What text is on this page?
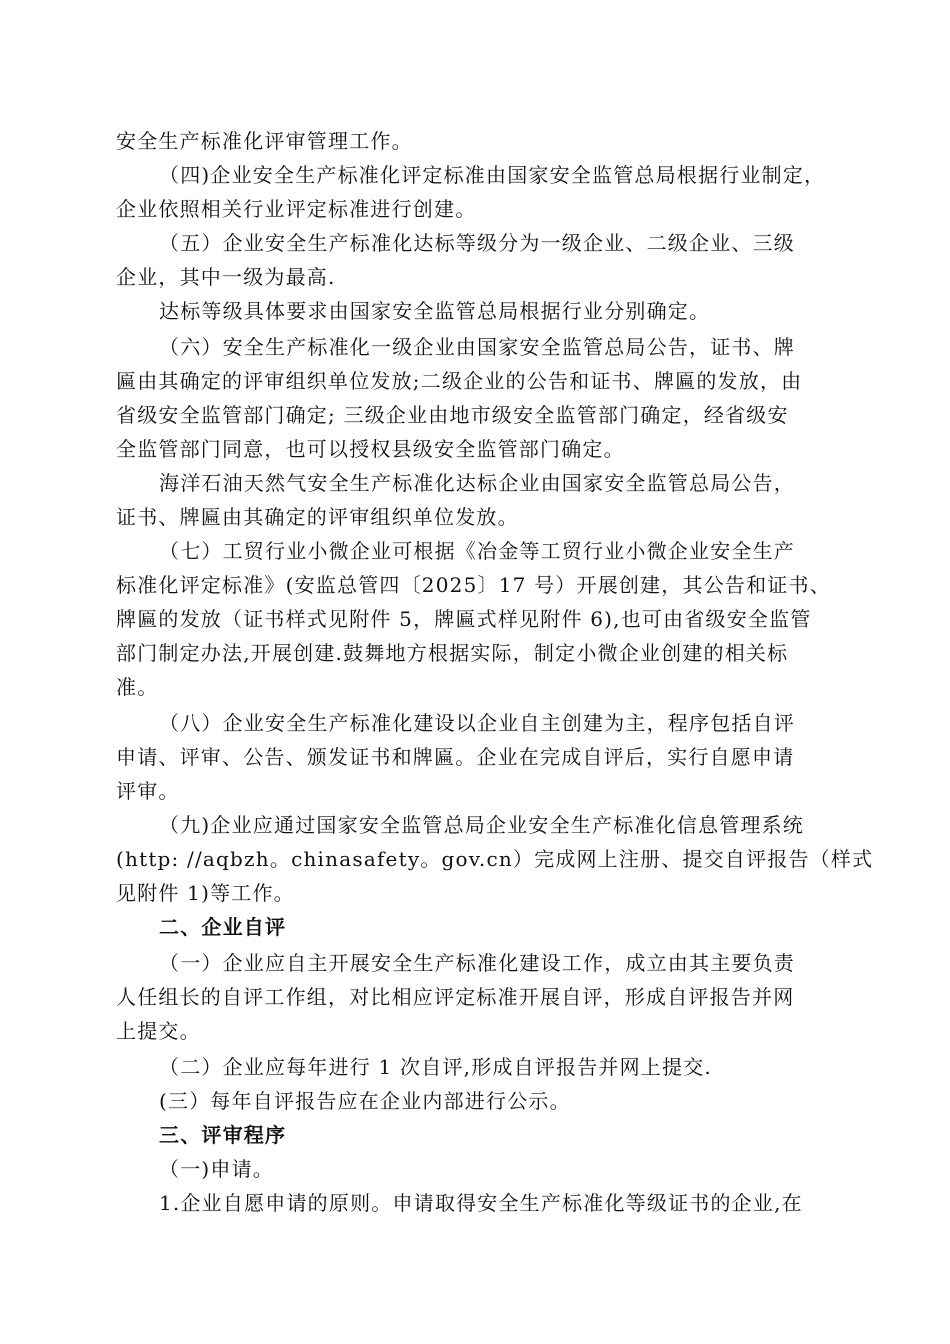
安全生产标准化评审管理工作。
（四)企业安全生产标准化评定标准由国家安全监管总局根据行业制定，
企业依照相关行业评定标准进行创建。
（五）企业安全生产标准化达标等级分为一级企业、二级企业、三级
企业，其中一级为最高.
达标等级具体要求由国家安全监管总局根据行业分别确定。
（六）安全生产标准化一级企业由国家安全监管总局公告，证书、牌
匾由其确定的评审组织单位发放;二级企业的公告和证书、牌匾的发放，由
省级安全监管部门确定; 三级企业由地市级安全监管部门确定，经省级安
全监管部门同意，也可以授权县级安全监管部门确定。
海洋石油天然气安全生产标准化达标企业由国家安全监管总局公告，
证书、牌匾由其确定的评审组织单位发放。
（七）工贸行业小微企业可根据《冶金等工贸行业小微企业安全生产
标准化评定标准》(安监总管四〔2025〕17 号）开展创建，其公告和证书、
牌匾的发放（证书样式见附件 5，牌匾式样见附件 6),也可由省级安全监管
部门制定办法,开展创建.鼓舞地方根据实际，制定小微企业创建的相关标
准。
（八）企业安全生产标准化建设以企业自主创建为主，程序包括自评
申请、评审、公告、颁发证书和牌匾。企业在完成自评后，实行自愿申请
评审。
（九)企业应通过国家安全监管总局企业安全生产标准化信息管理系统
(http: //aqbzh。chinasafety。gov.cn）完成网上注册、提交自评报告（样式
见附件 1)等工作。
二、企业自评
（一）企业应自主开展安全生产标准化建设工作，成立由其主要负责
人任组长的自评工作组，对比相应评定标准开展自评，形成自评报告并网
上提交。
（二）企业应每年进行 1 次自评,形成自评报告并网上提交.
(三）每年自评报告应在企业内部进行公示。
三、评审程序
（一)申请。
1.企业自愿申请的原则。申请取得安全生产标准化等级证书的企业,在
